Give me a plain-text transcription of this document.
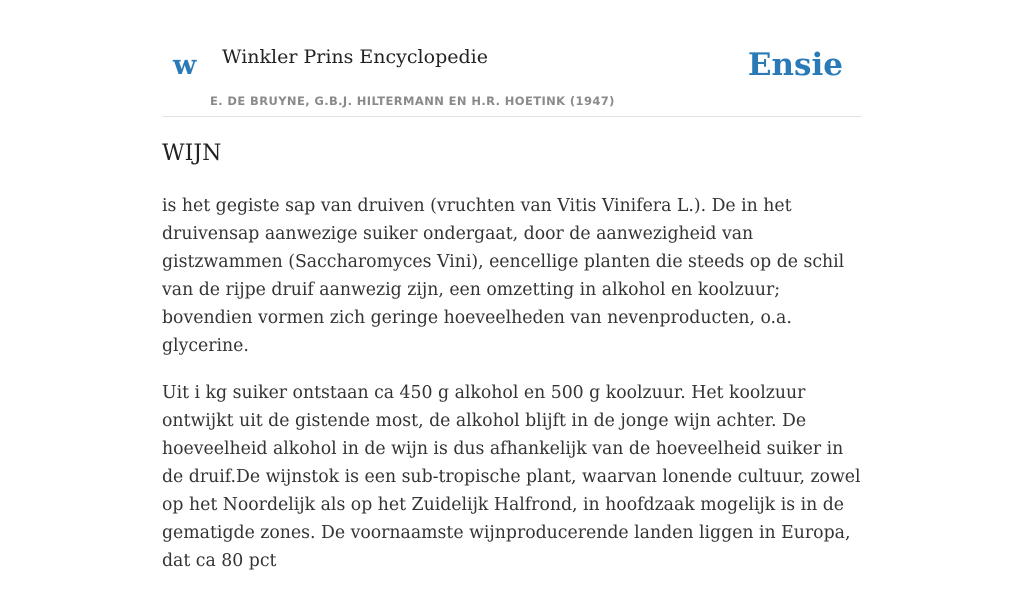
w Winkler Prins Encyclopedie
E. DE BRUYNE, G.B.J. HILTERMANN EN H.R. HOETINK (1947)
Ensie
WIJN

is het gegiste sap van druiven (vruchten van Vitis Vinifera L.). De in het druivensap aanwezige suiker ondergaat, door de aanwezigheid van gistzwammen (Saccharomyces Vini), eencellige planten die steeds op de schil van de rijpe druif aanwezig zijn, een omzetting in alkohol en koolzuur; bovendien vormen zich geringe hoeveelheden van nevenproducten, o.a. glycerine.

Uit i kg suiker ontstaan ca 450 g alkohol en 500 g koolzuur. Het koolzuur ontwijkt uit de gistende most, de alkohol blijft in de jonge wijn achter. De hoeveelheid alkohol in de wijn is dus afhankelijk van de hoeveelheid suiker in de druif.De wijnstok is een sub-tropische plant, waarvan lonende cultuur, zowel op het Noordelijk als op het Zuidelijk Halfrond, in hoofdzaak mogelijk is in de gematigde zones. De voornaamste wijnproducerende landen liggen in Europa, dat ca 80 pct
